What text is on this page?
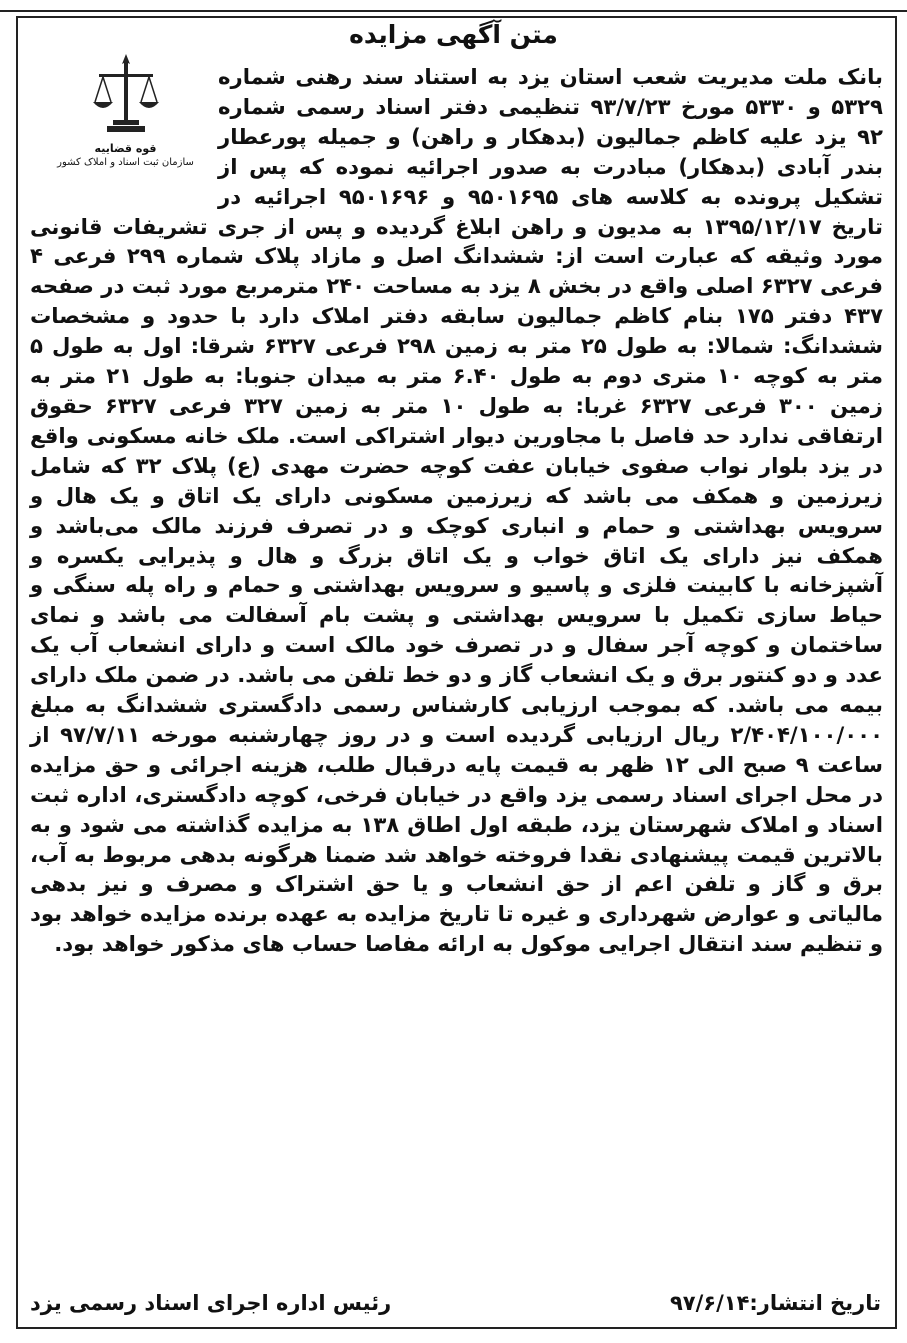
متن آگهی مزایده
قوه قضاییه
سازمان ثبت اسناد و املاک کشور
بانک ملت مدیریت شعب استان یزد به استناد سند رهنی شماره ۵۳۲۹ و ۵۳۳۰ مورخ ۹۳/۷/۲۳ تنظیمی دفتر اسناد رسمی شماره ۹۲ یزد علیه کاظم جمالیون (بدهکار و راهن) و جمیله پورعطار بندر آبادی (بدهکار) مبادرت به صدور اجرائیه نموده که پس از تشکیل پرونده به کلاسه های ۹۵۰۱۶۹۵ و ۹۵۰۱۶۹۶ اجرائیه در تاریخ ۱۳۹۵/۱۲/۱۷ به مدیون و راهن ابلاغ گردیده و پس از جری تشریفات قانونی مورد وثیقه که عبارت است از: ششدانگ اصل و مازاد پلاک شماره ۲۹۹ فرعی ۴ فرعی ۶۳۲۷ اصلی واقع در بخش ۸ یزد به مساحت ۲۴۰ مترمربع مورد ثبت در صفحه ۴۳۷ دفتر ۱۷۵ بنام کاظم جمالیون سابقه دفتر املاک دارد با حدود و مشخصات ششدانگ: شمالا: به طول ۲۵ متر به زمین ۲۹۸ فرعی ۶۳۲۷ شرقا: اول به طول ۵ متر به کوچه ۱۰ متری دوم به طول ۶.۴۰ متر به میدان جنوبا: به طول ۲۱ متر به زمین ۳۰۰ فرعی ۶۳۲۷ غربا: به طول ۱۰ متر به زمین ۳۲۷ فرعی ۶۳۲۷ حقوق ارتفاقی ندارد حد فاصل با مجاورین دیوار اشتراکی است. ملک خانه مسکونی واقع در یزد بلوار نواب صفوی خیابان عفت کوچه حضرت مهدی (ع) پلاک ۳۲ که شامل زیرزمین و همکف می باشد که زیرزمین مسکونی دارای یک اتاق و یک هال و سرویس بهداشتی و حمام و انباری کوچک و در تصرف فرزند مالک می‌باشد و همکف نیز دارای یک اتاق خواب و یک اتاق بزرگ و هال و پذیرایی یکسره و آشپزخانه با کابینت فلزی و پاسیو و سرویس بهداشتی و حمام و راه پله سنگی و حیاط سازی تکمیل با سرویس بهداشتی و پشت بام آسفالت می باشد و نمای ساختمان و کوچه آجر سفال و در تصرف خود مالک است و دارای انشعاب آب یک عدد و دو کنتور برق و یک انشعاب گاز و دو خط تلفن می باشد. در ضمن ملک دارای بیمه می باشد. که بموجب ارزیابی کارشناس رسمی دادگستری ششدانگ به مبلغ ۲/۴۰۴/۱۰۰/۰۰۰ ریال ارزیابی گردیده است و در روز چهارشنبه مورخه ۹۷/۷/۱۱ از ساعت ۹ صبح الی ۱۲ ظهر به قیمت پایه درقبال طلب، هزینه اجرائی و حق مزایده در محل اجرای اسناد رسمی یزد واقع در خیابان فرخی، کوچه دادگستری، اداره ثبت اسناد و املاک شهرستان یزد، طبقه اول اطاق ۱۳۸ به مزایده گذاشته می شود و به بالاترین قیمت پیشنهادی نقدا فروخته خواهد شد ضمنا هرگونه بدهی مربوط به آب، برق و گاز و تلفن اعم از حق انشعاب و یا حق اشتراک و مصرف و نیز بدهی مالیاتی و عوارض شهرداری و غیره تا تاریخ مزایده به عهده برنده مزایده خواهد بود و تنظیم سند انتقال اجرایی موکول به ارائه مفاصا حساب های مذکور خواهد بود.
تاریخ انتشار:۹۷/۶/۱۴
رئیس اداره اجرای اسناد رسمی یزد
